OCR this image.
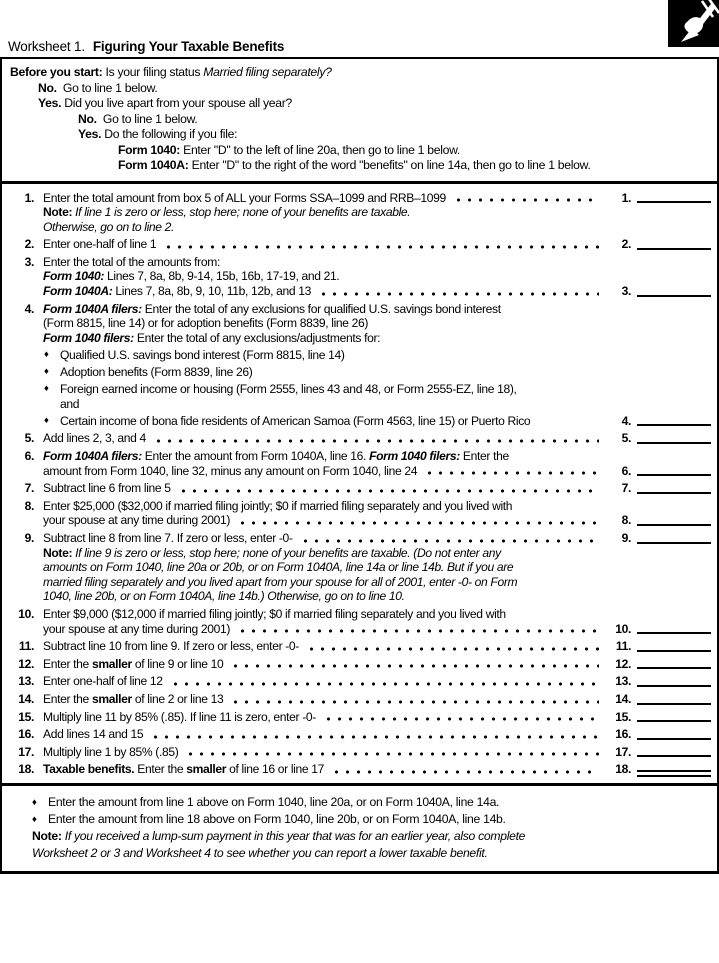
Worksheet 1. Figuring Your Taxable Benefits
Before you start: Is your filing status Married filing separately?
No.  Go to line 1 below.
Yes. Did you live apart from your spouse all year?
No.  Go to line 1 below.
Yes. Do the following if you file:
Form 1040: Enter "D" to the left of line 20a, then go to line 1 below.
Form 1040A: Enter "D" to the right of the word "benefits" on line 14a, then go to line 1 below.
1. Enter the total amount from box 5 of ALL your Forms SSA–1099 and RRB–1099	1.
Note: If line 1 is zero or less, stop here; none of your benefits are taxable.
Otherwise, go on to line 2.
2. Enter one-half of line 1	2.
3. Enter the total of the amounts from:
Form 1040: Lines 7, 8a, 8b, 9-14, 15b, 16b, 17-19, and 21.
Form 1040A: Lines 7, 8a, 8b, 9, 10, 11b, 12b, and 13	3.
4. Form 1040A filers: Enter the total of any exclusions for qualified U.S. savings bond interest
(Form 8815, line 14) or for adoption benefits (Form 8839, line 26)
Form 1040 filers: Enter the total of any exclusions/adjustments for:
♦ Qualified U.S. savings bond interest (Form 8815, line 14)
♦ Adoption benefits (Form 8839, line 26)
♦ Foreign earned income or housing (Form 2555, lines 43 and 48, or Form 2555-EZ, line 18),
and
♦ Certain income of bona fide residents of American Samoa (Form 4563, line 15) or Puerto Rico	4.
5. Add lines 2, 3, and 4	5.
6. Form 1040A filers: Enter the amount from Form 1040A, line 16. Form 1040 filers: Enter the
amount from Form 1040, line 32, minus any amount on Form 1040, line 24	6.
7. Subtract line 6 from line 5	7.
8. Enter $25,000 ($32,000 if married filing jointly; $0 if married filing separately and you lived with
your spouse at any time during 2001)	8.
9. Subtract line 8 from line 7. If zero or less, enter -0-	9.
Note: If line 9 is zero or less, stop here; none of your benefits are taxable. (Do not enter any
amounts on Form 1040, line 20a or 20b, or on Form 1040A, line 14a or line 14b. But if you are
married filing separately and you lived apart from your spouse for all of 2001, enter -0- on Form
1040, line 20b, or on Form 1040A, line 14b.) Otherwise, go on to line 10.
10. Enter $9,000 ($12,000 if married filing jointly; $0 if married filing separately and you lived with
your spouse at any time during 2001)	10.
11. Subtract line 10 from line 9. If zero or less, enter -0-	11.
12. Enter the smaller of line 9 or line 10	12.
13. Enter one-half of line 12	13.
14. Enter the smaller of line 2 or line 13	14.
15. Multiply line 11 by 85% (.85). If line 11 is zero, enter -0-	15.
16. Add lines 14 and 15	16.
17. Multiply line 1 by 85% (.85)	17.
18. Taxable benefits. Enter the smaller of line 16 or line 17	18.
♦ Enter the amount from line 1 above on Form 1040, line 20a, or on Form 1040A, line 14a.
♦ Enter the amount from line 18 above on Form 1040, line 20b, or on Form 1040A, line 14b.
Note: If you received a lump-sum payment in this year that was for an earlier year, also complete
Worksheet 2 or 3 and Worksheet 4 to see whether you can report a lower taxable benefit.
